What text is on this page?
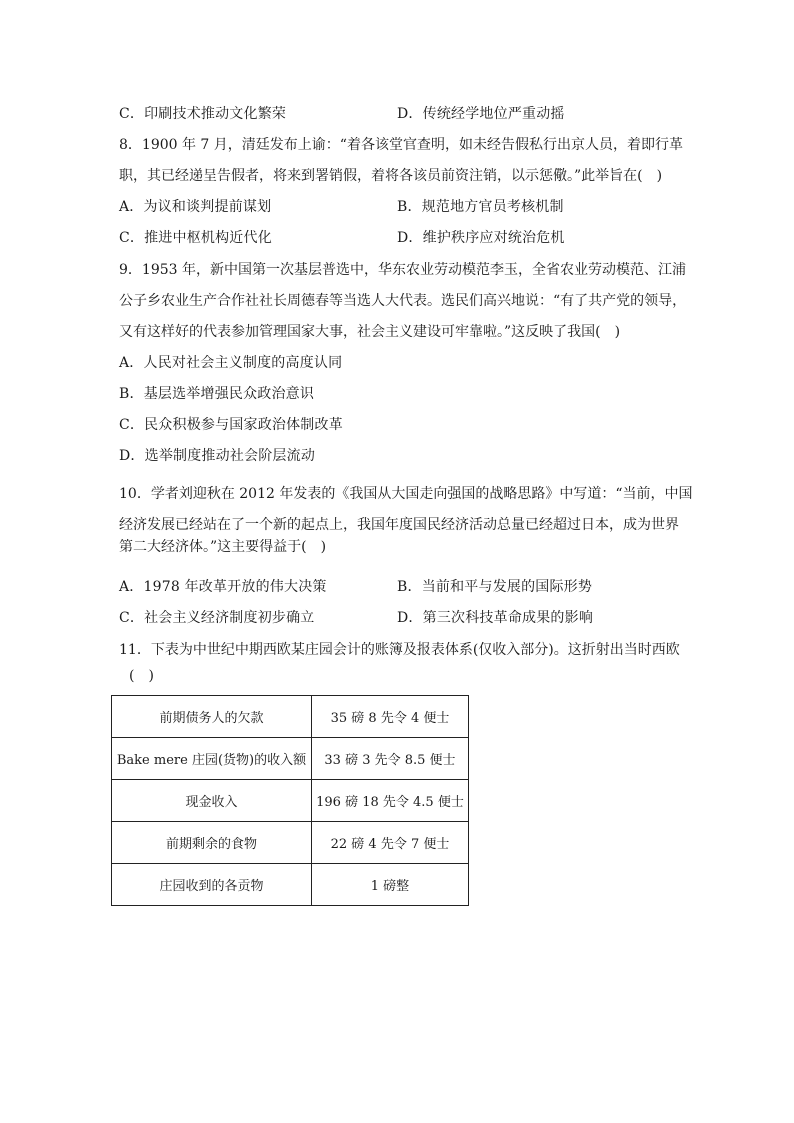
C．印刷技术推动文化繁荣	D．传统经学地位严重动摇
8．1900 年 7 月，清廷发布上谕：“着各该堂官查明，如未经告假私行出京人员，着即行革
职，其已经递呈告假者，将来到署销假，着将各该员前资注销，以示惩儆。”此举旨在(　)
A．为议和谈判提前谋划	B．规范地方官员考核机制
C．推进中枢机构近代化	D．维护秩序应对统治危机
9．1953 年，新中国第一次基层普选中，华东农业劳动模范李玉，全省农业劳动模范、江浦
公子乡农业生产合作社社长周德春等当选人大代表。选民们高兴地说：“有了共产党的领导，
又有这样好的代表参加管理国家大事，社会主义建设可牢靠啦。”这反映了我国(　)
A．人民对社会主义制度的高度认同
B．基层选举增强民众政治意识
C．民众积极参与国家政治体制改革
D．选举制度推动社会阶层流动
10．学者刘迎秋在 2012 年发表的《我国从大国走向强国的战略思路》中写道：“当前，中国
经济发展已经站在了一个新的起点上，我国年度国民经济活动总量已经超过日本，成为世界
第二大经济体。”这主要得益于(　)
A．1978 年改革开放的伟大决策	B．当前和平与发展的国际形势
C．社会主义经济制度初步确立	D．第三次科技革命成果的影响
11．下表为中世纪中期西欧某庄园会计的账簿及报表体系(仅收入部分)。这折射出当时西欧
(　)
前期债务人的欠款	35 磅 8 先令 4 便士
Bake mere 庄园(货物)的收入额	33 磅 3 先令 8.5 便士
现金收入	196 磅 18 先令 4.5 便士
前期剩余的食物	22 磅 4 先令 7 便士
庄园收到的各贡物	1 磅整
